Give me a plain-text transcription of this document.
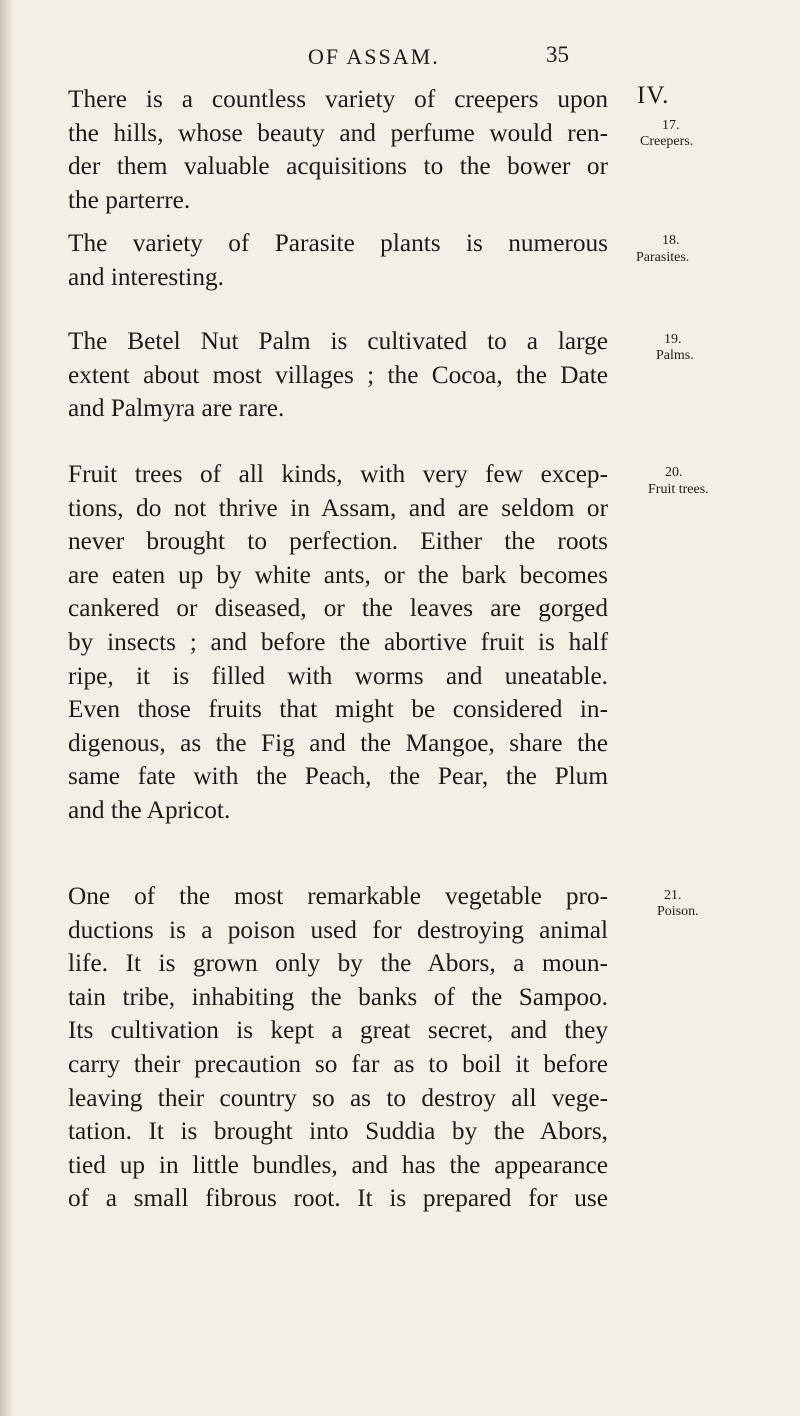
OF ASSAM.	35
IV.

There is a countless variety of creepers upon
the hills, whose beauty and perfume would ren-
der them valuable acquisitions to the bower or
the parterre.

17.
Creepers.

The variety of Parasite plants is numerous
and interesting.

18.
Parasites.

The Betel Nut Palm is cultivated to a large
extent about most villages ; the Cocoa, the Date
and Palmyra are rare.

19.
Palms.

Fruit trees of all kinds, with very few excep-
tions, do not thrive in Assam, and are seldom or
never brought to perfection. Either the roots
are eaten up by white ants, or the bark becomes
cankered or diseased, or the leaves are gorged
by insects ; and before the abortive fruit is half
ripe, it is filled with worms and uneatable.
Even those fruits that might be considered in-
digenous, as the Fig and the Mangoe, share the
same fate with the Peach, the Pear, the Plum
and the Apricot.

20.
Fruit trees.

One of the most remarkable vegetable pro-
ductions is a poison used for destroying animal
life. It is grown only by the Abors, a moun-
tain tribe, inhabiting the banks of the Sampoo.
Its cultivation is kept a great secret, and they
carry their precaution so far as to boil it before
leaving their country so as to destroy all vege-
tation. It is brought into Suddia by the Abors,
tied up in little bundles, and has the appearance
of a small fibrous root. It is prepared for use

21.
Poison.
